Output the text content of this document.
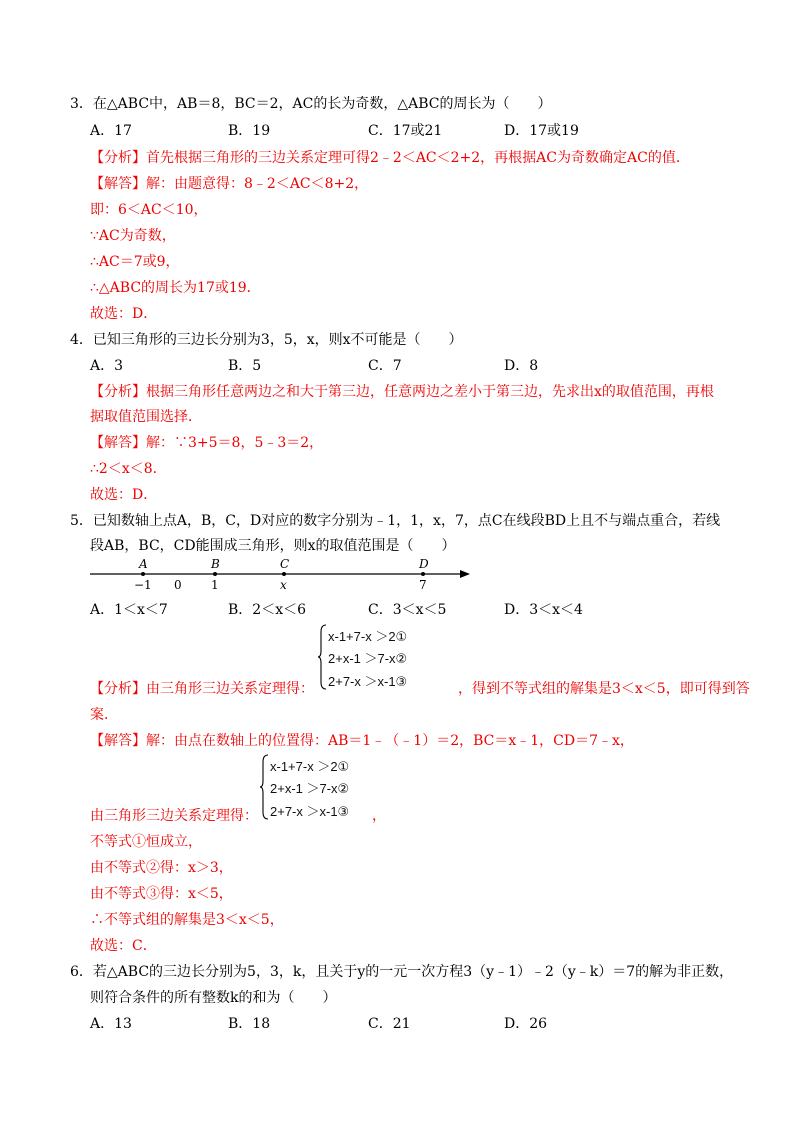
3．在△ABC中，AB＝8，BC＝2，AC的长为奇数，△ABC的周长为（　　）
A．17	B．19	C．17或21	D．17或19
【分析】首先根据三角形的三边关系定理可得2﹣2＜AC＜2+2，再根据AC为奇数确定AC的值．
【解答】解：由题意得：8﹣2＜AC＜8+2，
即：6＜AC＜10，
∵AC为奇数，
∴AC＝7或9，
∴△ABC的周长为17或19．
故选：D．
4．已知三角形的三边长分别为3，5，x，则x不可能是（　　）
A．3	B．5	C．7	D．8
【分析】根据三角形任意两边之和大于第三边，任意两边之差小于第三边，先求出x的取值范围，再根
据取值范围选择．
【解答】解：∵3+5＝8，5﹣3＝2，
∴2＜x＜8．
故选：D．
5．已知数轴上点A，B，C，D对应的数字分别为﹣1，1，x，7，点C在线段BD上且不与端点重合，若线
段AB，BC，CD能围成三角形，则x的取值范围是（　　）
A	B	C	D
−1 0 1	x	7
A．1＜x＜7	B．2＜x＜6	C．3＜x＜5	D．3＜x＜4
x-1+7-x ＞2①
2+x-1 ＞7-x②
2+7-x ＞x-1③
【分析】由三角形三边关系定理得：	，得到不等式组的解集是3＜x＜5，即可得到答
案．
【解答】解：由点在数轴上的位置得：AB＝1﹣（﹣1）＝2，BC＝x﹣1，CD＝7﹣x，
x-1+7-x ＞2①
2+x-1 ＞7-x②
2+7-x ＞x-1③
由三角形三边关系定理得：	，
不等式①恒成立，
由不等式②得：x＞3，
由不等式③得：x＜5，
∴不等式组的解集是3＜x＜5，
故选：C．
6．若△ABC的三边长分别为5，3，k，且关于y的一元一次方程3（y﹣1）﹣2（y﹣k）＝7的解为非正数，
则符合条件的所有整数k的和为（　　）
A．13	B．18	C．21	D．26
